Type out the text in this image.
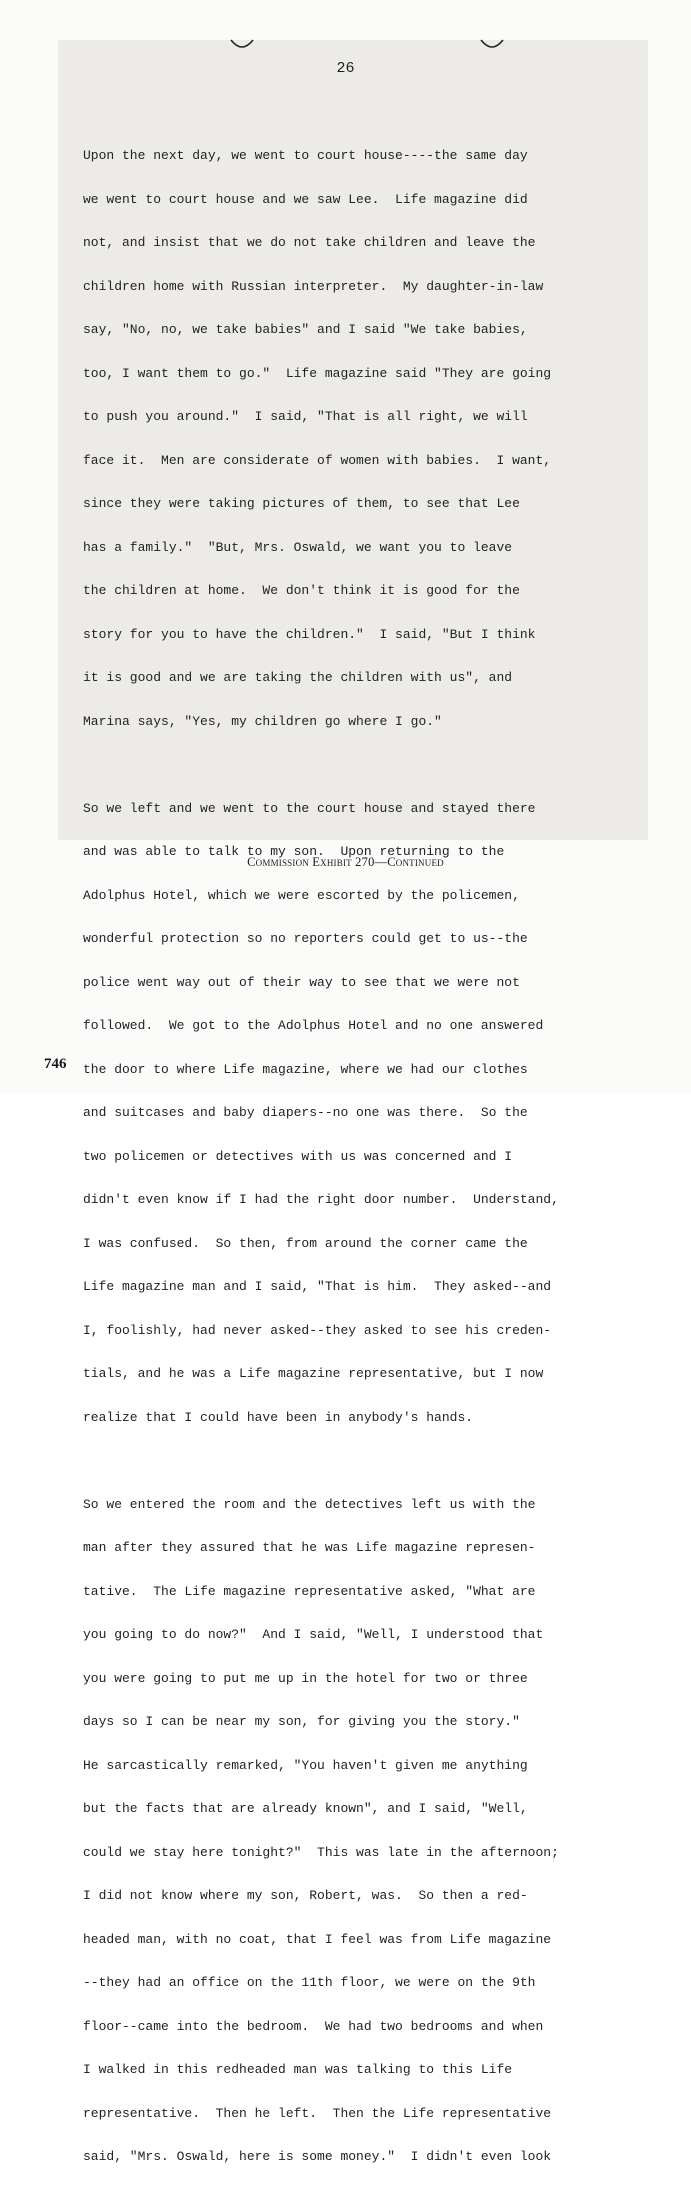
26

Upon the next day, we went to court house----the same day

we went to court house and we saw Lee.  Life magazine did

not, and insist that we do not take children and leave the

children home with Russian interpreter.  My daughter-in-law

say, "No, no, we take babies" and I said "We take babies,

too, I want them to go."  Life magazine said "They are going

to push you around."  I said, "That is all right, we will

face it.  Men are considerate of women with babies.  I want,

since they were taking pictures of them, to see that Lee

has a family."  "But, Mrs. Oswald, we want you to leave

the children at home.  We don't think it is good for the

story for you to have the children."  I said, "But I think

it is good and we are taking the children with us", and

Marina says, "Yes, my children go where I go."

So we left and we went to the court house and stayed there

and was able to talk to my son.  Upon returning to the

Adolphus Hotel, which we were escorted by the policemen,

wonderful protection so no reporters could get to us--the

police went way out of their way to see that we were not

followed.  We got to the Adolphus Hotel and no one answered

the door to where Life magazine, where we had our clothes

and suitcases and baby diapers--no one was there.  So the

two policemen or detectives with us was concerned and I

didn't even know if I had the right door number.  Understand,

I was confused.  So then, from around the corner came the

Life magazine man and I said, "That is him.  They asked--and

I, foolishly, had never asked--they asked to see his creden-

tials, and he was a Life magazine representative, but I now

realize that I could have been in anybody's hands.

So we entered the room and the detectives left us with the

man after they assured that he was Life magazine represen-

tative.  The Life magazine representative asked, "What are

you going to do now?"  And I said, "Well, I understood that

you were going to put me up in the hotel for two or three

days so I can be near my son, for giving you the story."

He sarcastically remarked, "You haven't given me anything

but the facts that are already known", and I said, "Well,

could we stay here tonight?"  This was late in the afternoon;

I did not know where my son, Robert, was.  So then a red-

headed man, with no coat, that I feel was from Life magazine

--they had an office on the 11th floor, we were on the 9th

floor--came into the bedroom.  We had two bedrooms and when

I walked in this redheaded man was talking to this Life

representative.  Then he left.  Then the Life representative

said, "Mrs. Oswald, here is some money."  I didn't even look

Commission Exhibit 270—Continued
746
